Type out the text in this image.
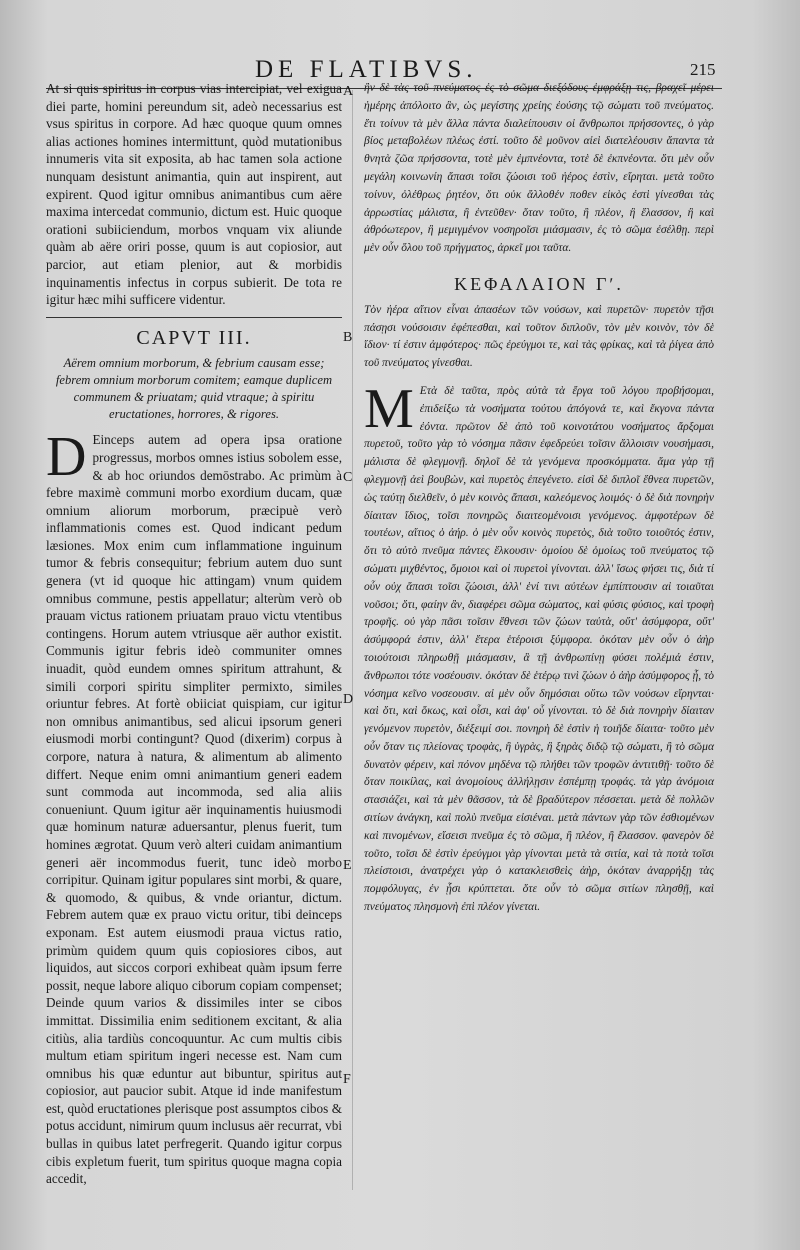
DE FLATIBVS.	215
A
B
C
D
E
F

At si quis spiritus in corpus vias intercipiat, vel exigua diei parte, homini pereundum sit, adeò necessarius est vsus spiritus in corpore. Ad hæc quoque quum omnes alias actiones homines intermittunt, quòd mutationibus innumeris vita sit exposita, ab hac tamen sola actione nunquam desistunt animantia, quin aut inspirent, aut expirent. Quod igitur omnibus animantibus cum aëre maxima intercedat communio, dictum est. Huic quoque orationi subiiciendum, morbos vnquam vix aliunde quàm ab aëre oriri posse, quum is aut copiosior, aut parcior, aut etiam plenior, aut & morbidis inquinamentis infectus in corpus subierit. De tota re igitur hæc mihi sufficere videntur.

CAPVT III.

Aërem omnium morborum, & febrium causam esse; febrem omnium morborum comitem; eamque duplicem communem & priuatam; quid vtraque; à spiritu eructationes, horrores, & rigores.

D Einceps autem ad opera ipsa oratione progressus, morbos omnes istius sobolem esse, & ab hoc oriundos demōstrabo. Ac primùm à febre maximè communi morbo exordium ducam, quæ omnium aliorum morborum, præcipuè verò inflammationis comes est. Quod indicant pedum læsiones. Mox enim cum inflammatione inguinum tumor & febris consequitur; febrium autem duo sunt genera (vt id quoque hic attingam) vnum quidem omnibus commune, pestis appellatur; alterùm verò ob prauam victus rationem priuatam prauo victu vtentibus contingens. Horum autem vtriusque aër author existit. Communis igitur febris ideò communiter omnes inuadit, quòd eundem omnes spiritum attrahunt, & simili corpori spiritu simpliter permixto, similes oriuntur febres. At fortè obiiciat quispiam, cur igitur non omnibus animantibus, sed alicui ipsorum generi eiusmodi morbi contingunt? Quod (dixerim) corpus à corpore, natura à natura, & alimentum ab alimento differt. Neque enim omni animantium generi eadem sunt commoda aut incommoda, sed alia aliis conueniunt. Quum igitur aër inquinamentis huiusmodi quæ hominum naturæ aduersantur, plenus fuerit, tum homines ægrotat. Quum verò alteri cuidam animantium generi aër incommodus fuerit, tunc ideò morbo corripitur. Quinam igitur populares sint morbi, & quare, & quomodo, & quibus, & vnde oriantur, dictum. Febrem autem quæ ex prauo victu oritur, tibi deinceps exponam. Est autem eiusmodi praua victus ratio, primùm quidem quum quis copiosiores cibos, aut liquidos, aut siccos corpori exhibeat quàm ipsum ferre possit, neque labore aliquo ciborum copiam compenset; Deinde quum varios & dissimiles inter se cibos immittat. Dissimilia enim seditionem excitant, & alia citiùs, alia tardiùs concoquuntur. Ac cum multis cibis multum etiam spiritum ingeri necesse est. Nam cum omnibus his quæ eduntur aut bibuntur, spiritus aut copiosior, aut paucior subit. Atque id inde manifestum est, quòd eructationes plerisque post assumptos cibos & potus accidunt, nimirum quum inclusus aër recurrat, vbi bullas in quibus latet perfregerit. Quando igitur corpus cibis expletum fuerit, tum spiritus quoque magna copia accedit,

ἢν δὲ τὰς τοῦ πνεύματος ἐς τὸ σῶμα διεξόδους ἐμφράξῃ τις, βραχεῖ μέρει ἡμέρης ἀπόλοιτο ἂν, ὡς μεγίστης χρείης ἐούσης τῷ σώματι τοῦ πνεύματος. ἔτι τοίνυν τὰ μὲν ἄλλα πάντα διαλείπουσιν οἱ ἄνθρωποι πρήσσοντες, ὁ γὰρ βίος μεταβολέων πλέως ἐστί. τοῦτο δὲ μοῦνον αἰεὶ διατελέουσιν ἅπαντα τὰ θνητὰ ζῶα πρήσσοντα, τοτὲ μὲν ἐμπνέοντα, τοτὲ δὲ ἐκπνέοντα. ὅτι μὲν οὖν μεγάλη κοινωνίη ἅπασι τοῖσι ζώοισι τοῦ ἠέρος ἐστὶν, εἴρηται. μετὰ τοῦτο τοίνυν, ὀλέθρως ῥητέον, ὅτι οὐκ ἄλλοθέν ποθεν εἰκὸς ἐστὶ γίνεσθαι τὰς ἀρρωστίας μάλιστα, ἢ ἐντεῦθεν· ὅταν τοῦτο, ἢ πλέον, ἢ ἔλασσον, ἢ καὶ ἀθρόωτερον, ἢ μεμιγμένον νοσηροῖσι μιάσμασιν, ἐς τὸ σῶμα ἐσέλθῃ. περὶ μὲν οὖν ὅλου τοῦ πρήγματος, ἀρκεῖ μοι ταῦτα.

ΚΕΦΑΛΑΙΟΝ Γʹ.

Τὸν ἠέρα αἴτιον εἶναι ἁπασέων τῶν νούσων, καὶ πυρετῶν· πυρετὸν τῇσι πάσῃσι νούσοισιν ἐφέπεσθαι, καὶ τοῦτον διπλοῦν, τὸν μὲν κοινὸν, τὸν δὲ ἴδιον· τί ἐστιν ἀμφότερος· πῶς ἐρεύγμοι τε, καὶ τὰς φρίκας, καὶ τὰ ῥίγεα ἀπὸ τοῦ πνεύματος γίνεσθαι.

Μ Ετὰ δὲ ταῦτα, πρὸς αὐτὰ τὰ ἔργα τοῦ λόγου προβήσομαι, ἐπιδείξω τὰ νοσήματα τούτου ἀπόγονά τε, καὶ ἔκγονα πάντα ἐόντα. πρῶτον δὲ ἀπὸ τοῦ κοινοτάτου νοσήματος ἄρξομαι πυρετοῦ, τοῦτο γὰρ τὸ νόσημα πᾶσιν ἐφεδρεύει τοῖσιν ἄλλοισιν νουσήμασι, μάλιστα δὲ φλεγμονῇ. δηλοῖ δὲ τὰ γενόμενα προσκόμματα. ἅμα γὰρ τῇ φλεγμονῇ ἀεὶ βουβὼν, καὶ πυρετὸς ἐπεγένετο. εἰσὶ δὲ διπλοῖ ἔθνεα πυρετῶν, ὡς ταύτῃ διελθεῖν, ὁ μὲν κοινὸς ἅπασι, καλεόμενος λοιμός· ὁ δὲ διὰ πονηρὴν δίαιταν ἴδιος, τοῖσι πονηρῶς διαιτεομένοισι γενόμενος. ἀμφοτέρων δὲ τουτέων, αἴτιος ὁ ἀήρ. ὁ μὲν οὖν κοινὸς πυρετὸς, διὰ τοῦτο τοιοῦτός ἐστιν, ὅτι τὸ αὐτὸ πνεῦμα πάντες ἕλκουσιν· ὁμοίου δὲ ὁμοίως τοῦ πνεύματος τῷ σώματι μιχθέντος, ὅμοιοι καὶ οἱ πυρετοὶ γίνονται. ἀλλ' ἴσως φήσει τις, διὰ τί οὖν οὐχ ἅπασι τοῖσι ζώοισι, ἀλλ' ἑνί τινι αὐτέων ἐμπίπτουσιν αἱ τοιαῦται νοῦσοι; ὅτι, φαίην ἂν, διαφέρει σῶμα σώματος, καὶ φύσις φύσιος, καὶ τροφὴ τροφῆς. οὐ γὰρ πᾶσι τοῖσιν ἔθνεσι τῶν ζώων ταὐτὰ, οὔτ' ἀσύμφορα, οὔτ' ἀσύμφορά ἐστιν, ἀλλ' ἕτερα ἑτέροισι ξύμφορα. ὁκόταν μὲν οὖν ὁ ἀὴρ τοιούτοισι πληρωθῇ μιάσμασιν, ἃ τῇ ἀνθρωπίνῃ φύσει πολέμιά ἐστιν, ἄνθρωποι τότε νοσέουσιν. ὁκόταν δὲ ἑτέρῳ τινὶ ζώων ὁ ἀὴρ ἀσύμφορος ᾖ, τὸ νόσημα κεῖνο νοσεουσιν. αἱ μὲν οὖν δημόσιαι οὕτω τῶν νούσων εἴρηνται· καὶ ὅτι, καὶ ὅκως, καὶ οἷσι, καὶ ἀφ' οὗ γίνονται. τὸ δὲ διὰ πονηρὴν δίαιταν γενόμενον πυρετὸν, διέξειμί σοι. πονηρὴ δὲ ἐστὶν ἡ τοιῆδε δίαιτα· τοῦτο μὲν οὖν ὅταν τις πλείονας τροφὰς, ἢ ὑγρὰς, ἢ ξηρὰς διδῷ τῷ σώματι, ἢ τὸ σῶμα δυνατὸν φέρειν, καὶ πόνον μηδένα τῷ πλήθει τῶν τροφῶν ἀντιτιθῇ· τοῦτο δὲ ὅταν ποικίλας, καὶ ἀνομοίους ἀλλήλῃσιν ἐσπέμπῃ τροφάς. τὰ γὰρ ἀνόμοια στασιάζει, καὶ τὰ μὲν θᾶσσον, τὰ δὲ βραδύτερον πέσσεται. μετὰ δὲ πολλῶν σιτίων ἀνάγκη, καὶ πολὺ πνεῦμα εἰσιέναι. μετὰ πάντων γὰρ τῶν ἐσθιομένων καὶ πινομένων, εἴσεισι πνεῦμα ἐς τὸ σῶμα, ἢ πλέον, ἢ ἔλασσον. φανερὸν δὲ τοῦτο, τοῖσι δὲ ἐστὶν ἐρεύγμοι γὰρ γίνονται μετὰ τὰ σιτία, καὶ τὰ ποτὰ τοῖσι πλείστοισι, ἀνατρέχει γὰρ ὁ κατακλεισθεὶς ἀὴρ, ὁκόταν ἀναρρήξῃ τὰς πομφόλυγας, ἐν ᾗσι κρύπτεται. ὅτε οὖν τὸ σῶμα σιτίων πλησθῇ, καὶ πνεύματος πλησμονὴ ἐπὶ πλέον γίνεται.
